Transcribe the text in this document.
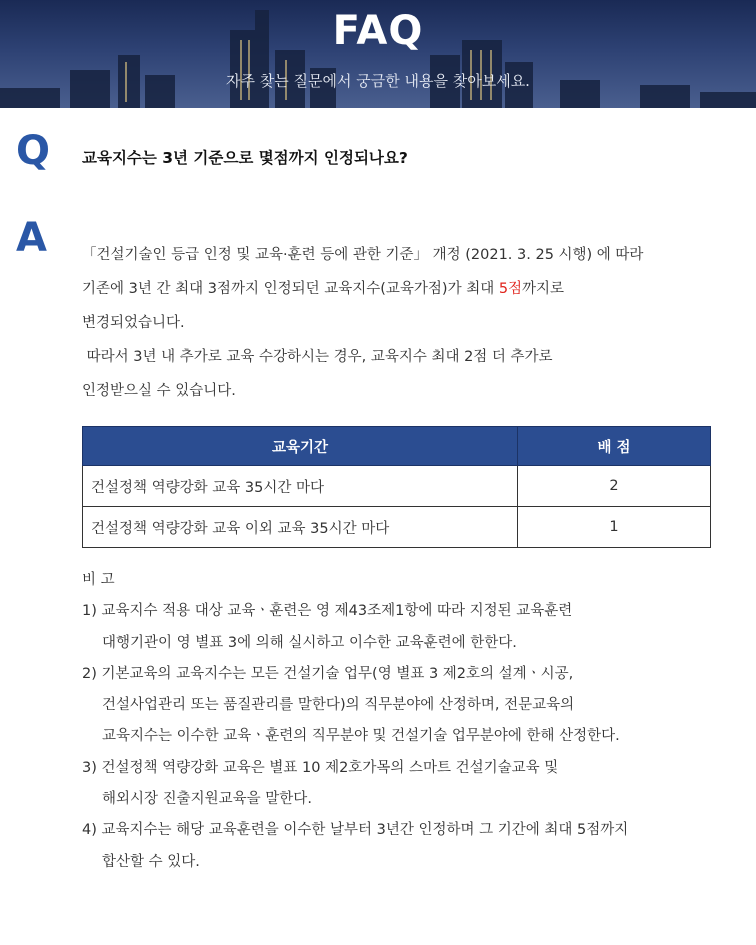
FAQ
자주 찾는 질문에서 궁금한 내용을 찾아보세요.
Q 교육지수는 3년 기준으로 몇점까지 인정되나요?
A 「건설기술인 등급 인정 및 교육·훈련 등에 관한 기준」 개정 (2021. 3. 25 시행) 에 따라

기존에 3년 간 최대 3점까지 인정되던 교육지수(교육가점)가 최대 5점까지로

변경되었습니다.

따라서 3년 내 추가로 교육 수강하시는 경우, 교육지수 최대 2점 더 추가로

인정받으실 수 있습니다.

교육기간	배 점
건설정책 역량강화 교육 35시간 마다	2
건설정책 역량강화 교육 이외 교육 35시간 마다	1
비 고
1) 교육지수 적용 대상 교육ㆍ훈련은 영 제43조제1항에 따라 지정된 교육훈련
대행기관이 영 별표 3에 의해 실시하고 이수한 교육훈련에 한한다.
2) 기본교육의 교육지수는 모든 건설기술 업무(영 별표 3 제2호의 설계ㆍ시공,
건설사업관리 또는 품질관리를 말한다)의 직무분야에 산정하며, 전문교육의
교육지수는 이수한 교육ㆍ훈련의 직무분야 및 건설기술 업무분야에 한해 산정한다.
3) 건설정책 역량강화 교육은 별표 10 제2호가목의 스마트 건설기술교육 및
해외시장 진출지원교육을 말한다.
4) 교육지수는 해당 교육훈련을 이수한 날부터 3년간 인정하며 그 기간에 최대 5점까지
합산할 수 있다.
